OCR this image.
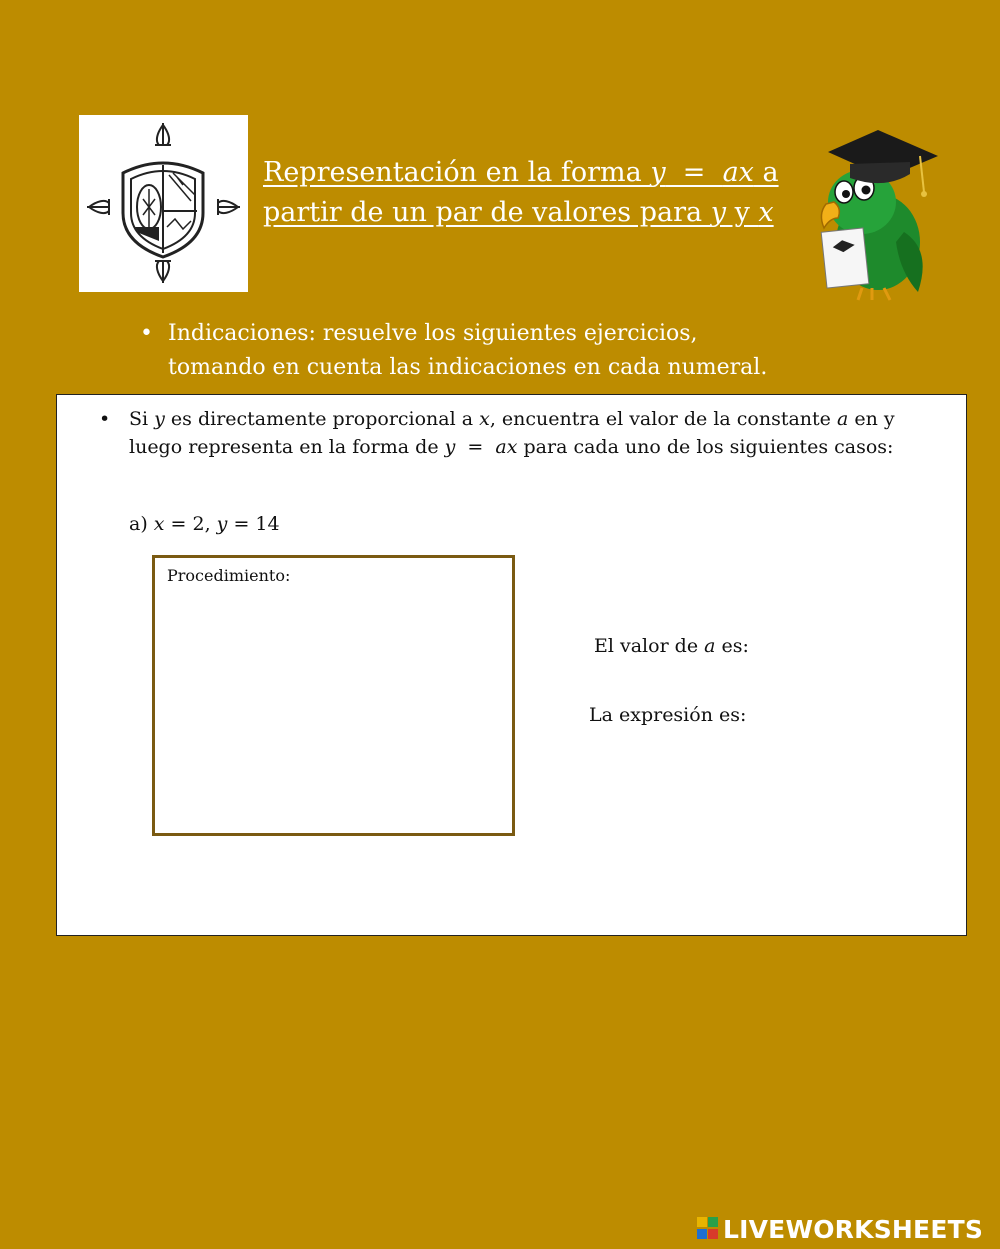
Representación en la forma y  =  ax a
partir de un par de valores para y y x
• Indicaciones: resuelve los siguientes ejercicios,
tomando en cuenta las indicaciones en cada numeral.
• Si y es directamente proporcional a x, encuentra el valor de la constante a en y luego representa en la forma de y  =  ax para cada uno de los siguientes casos:
a) x = 2, y = 14
Procedimiento:
El valor de a es:
La expresión es:
LIVEWORKSHEETS
